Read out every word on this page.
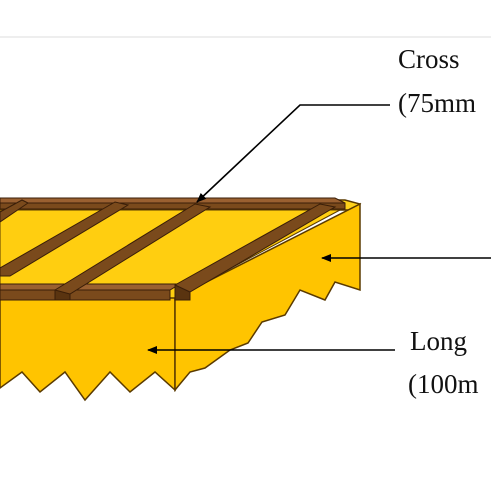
Cross
(75mm
Long
(100m
